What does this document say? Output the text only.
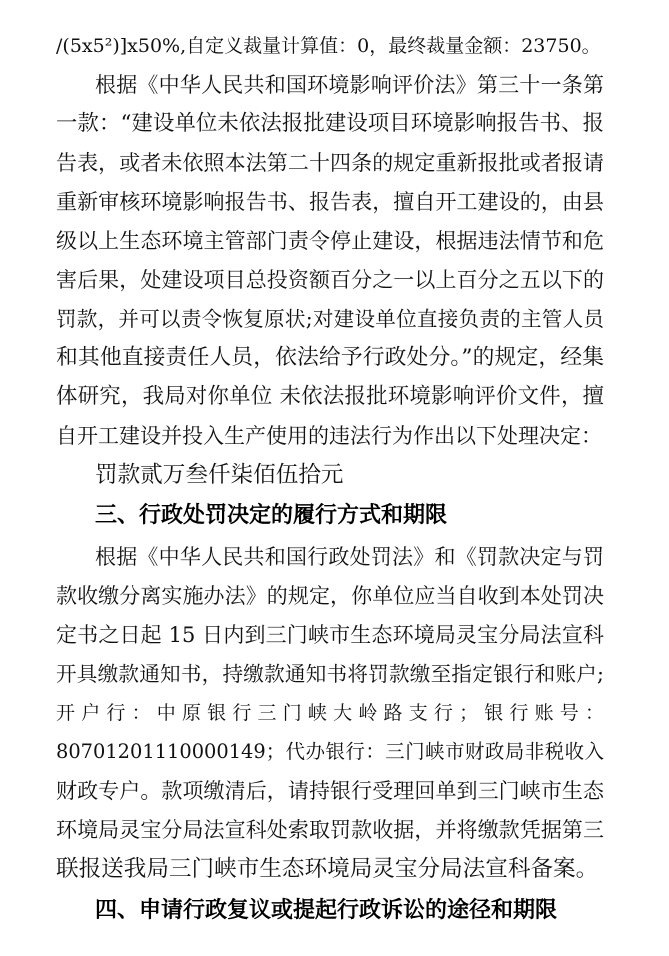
/(5x5²)]x50%,自定义裁量计算值：0，最终裁量金额：23750。
根据《中华人民共和国环境影响评价法》第三十一条第
一款：“建设单位未依法报批建设项目环境影响报告书、报
告表，或者未依照本法第二十四条的规定重新报批或者报请
重新审核环境影响报告书、报告表，擅自开工建设的，由县
级以上生态环境主管部门责令停止建设，根据违法情节和危
害后果，处建设项目总投资额百分之一以上百分之五以下的
罚款，并可以责令恢复原状;对建设单位直接负责的主管人员
和其他直接责任人员，依法给予行政处分。”的规定，经集
体研究，我局对你单位 未依法报批环境影响评价文件，擅
自开工建设并投入生产使用的违法行为作出以下处理决定：
罚款贰万叁仟柒佰伍拾元
三、行政处罚决定的履行方式和期限
根据《中华人民共和国行政处罚法》和《罚款决定与罚
款收缴分离实施办法》的规定，你单位应当自收到本处罚决
定书之日起 15 日内到三门峡市生态环境局灵宝分局法宣科
开具缴款通知书，持缴款通知书将罚款缴至指定银行和账户;
开 户 行 ： 中 原 银 行 三 门 峡 大 岭 路 支 行 ； 银 行 账 号 ：
80701201110000149；代办银行：三门峡市财政局非税收入
财政专户。款项缴清后，请持银行受理回单到三门峡市生态
环境局灵宝分局法宣科处索取罚款收据，并将缴款凭据第三
联报送我局三门峡市生态环境局灵宝分局法宣科备案。
四、申请行政复议或提起行政诉讼的途径和期限
